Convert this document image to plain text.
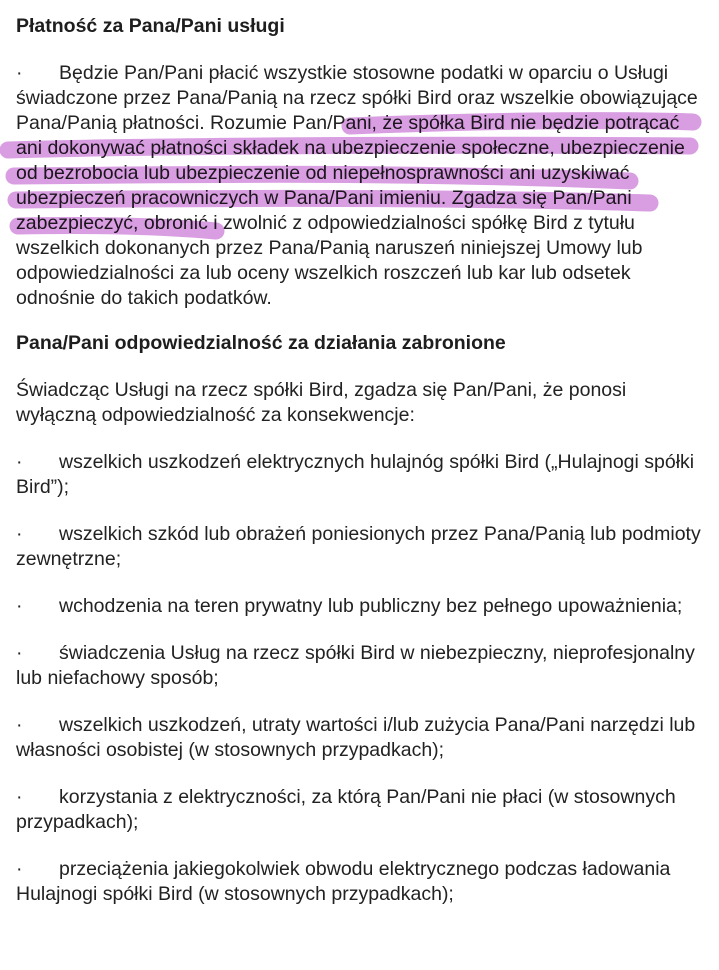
Płatność za Pana/Pani usługi

· Będzie Pan/Pani płacić wszystkie stosowne podatki w oparciu o Usługi świadczone przez Pana/Panią na rzecz spółki Bird oraz wszelkie obowiązujące Pana/Panią płatności. Rozumie Pan/Pani, że spółka Bird nie będzie potrącać ani dokonywać płatności składek na ubezpieczenie społeczne, ubezpieczenie od bezrobocia lub ubezpieczenie od niepełnosprawności ani uzyskiwać ubezpieczeń pracowniczych w Pana/Pani imieniu. Zgadza się Pan/Pani zabezpieczyć, obronić i zwolnić z odpowiedzialności spółkę Bird z tytułu wszelkich dokonanych przez Pana/Panią naruszeń niniejszej Umowy lub odpowiedzialności za lub oceny wszelkich roszczeń lub kar lub odsetek odnośnie do takich podatków.

Pana/Pani odpowiedzialność za działania zabronione

Świadcząc Usługi na rzecz spółki Bird, zgadza się Pan/Pani, że ponosi wyłączną odpowiedzialność za konsekwencje:

· wszelkich uszkodzeń elektrycznych hulajnóg spółki Bird („Hulajnogi spółki Bird”);

· wszelkich szkód lub obrażeń poniesionych przez Pana/Panią lub podmioty zewnętrzne;

· wchodzenia na teren prywatny lub publiczny bez pełnego upoważnienia;

· świadczenia Usług na rzecz spółki Bird w niebezpieczny, nieprofesjonalny lub niefachowy sposób;

· wszelkich uszkodzeń, utraty wartości i/lub zużycia Pana/Pani narzędzi lub własności osobistej (w stosownych przypadkach);

· korzystania z elektryczności, za którą Pan/Pani nie płaci (w stosownych przypadkach);

· przeciążenia jakiegokolwiek obwodu elektrycznego podczas ładowania Hulajnogi spółki Bird (w stosownych przypadkach);
